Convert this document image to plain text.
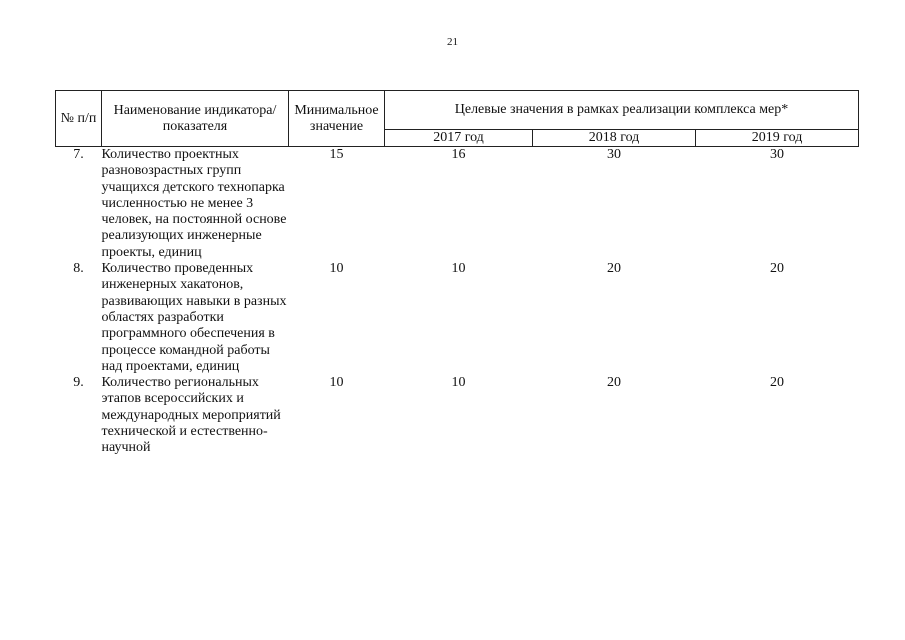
21
№ п/п	Наименование индикатора/показателя	Минимальное значение	Целевые значения в рамках реализации комплекса мер*		
			2017 год	2018 год	2019 год
7.	Количество проектных разновозрастных групп учащихся детского технопарка численностью не менее 3 человек, на постоянной основе реализующих инженерные проекты, единиц	15	16	30	30
8.	Количество проведенных инженерных хакатонов, развивающих навыки в разных областях разработки программного обеспечения в процессе командной работы над проектами, единиц	10	10	20	20
9.	Количество региональных этапов всероссийских и международных мероприятий технической и естественно-научной	10	10	20	20
